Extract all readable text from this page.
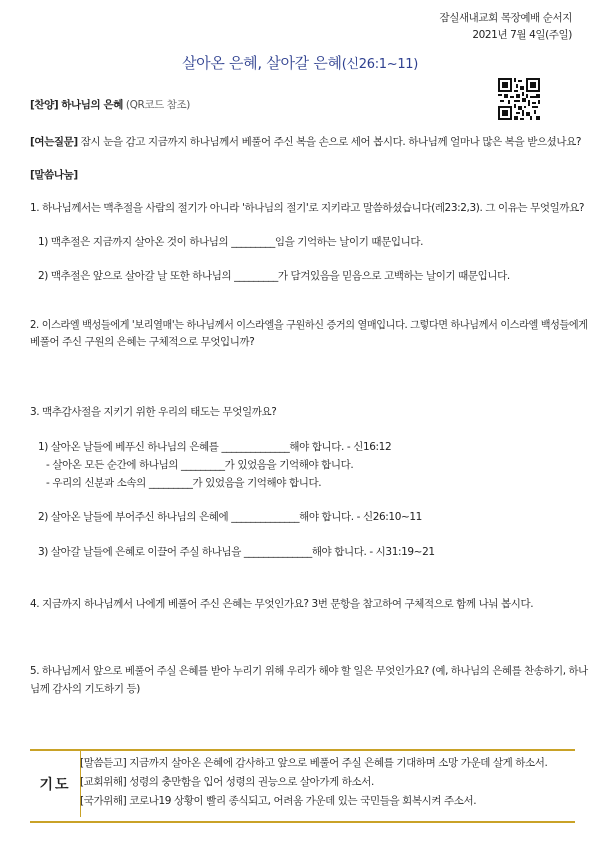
잠실새내교회 목장예배 순서지
2021년 7월 4일(주일)
살아온 은혜, 살아갈 은혜(신26:1~11)
[찬양] 하나님의 은혜 (QR코드 참조)
[여는질문] 잠시 눈을 감고 지금까지 하나님께서 베풀어 주신 복을 손으로 세어 봅시다. 하나님께 얼마나 많은 복을 받으셨나요?
[말씀나눔]
1. 하나님께서는 맥추절을 사람의 절기가 아니라 '하나님의 절기'로 지키라고 말씀하셨습니다(레23:2,3). 그 이유는 무엇일까요?
1) 맥추절은 지금까지 살아온 것이 하나님의 _________임을 기억하는 날이기 때문입니다.
2) 맥추절은 앞으로 살아갈 날 또한 하나님의 _________가 담겨있음을 믿음으로 고백하는 날이기 때문입니다.
2. 이스라엘 백성들에게 '보리열매'는 하나님께서 이스라엘을 구원하신 증거의 열매입니다. 그렇다면 하나님께서 이스라엘 백성들에게
베풀어 주신 구원의 은혜는 구체적으로 무엇입니까?
3. 맥추감사절을 지키기 위한 우리의 태도는 무엇일까요?
1) 살아온 날들에 베푸신 하나님의 은혜를 ______________해야 합니다. - 신16:12
- 살아온 모든 순간에 하나님의 _________가 있었음을 기억해야 합니다.
- 우리의 신분과 소속의 _________가 있었음을 기억해야 합니다.
2) 살아온 날들에 부어주신 하나님의 은혜에 ______________해야 합니다. - 신26:10~11
3) 살아갈 날들에 은혜로 이끌어 주실 하나님을 ______________해야 합니다. - 시31:19~21
4. 지금까지 하나님께서 나에게 베풀어 주신 은혜는 무엇인가요? 3번 문항을 참고하여 구체적으로 함께 나눠 봅시다.
5. 하나님께서 앞으로 베풀어 주실 은혜를 받아 누리기 위해 우리가 해야 할 일은 무엇인가요? (예, 하나님의 은혜를 찬송하기, 하나
님께 감사의 기도하기 등)
기도
[말씀듣고] 지금까지 살아온 은혜에 감사하고 앞으로 베풀어 주실 은혜를 기대하며 소망 가운데 살게 하소서.
[교회위해] 성령의 충만함을 입어 성령의 권능으로 살아가게 하소서.
[국가위해] 코로나19 상황이 빨리 종식되고, 어려움 가운데 있는 국민들을 회복시켜 주소서.
